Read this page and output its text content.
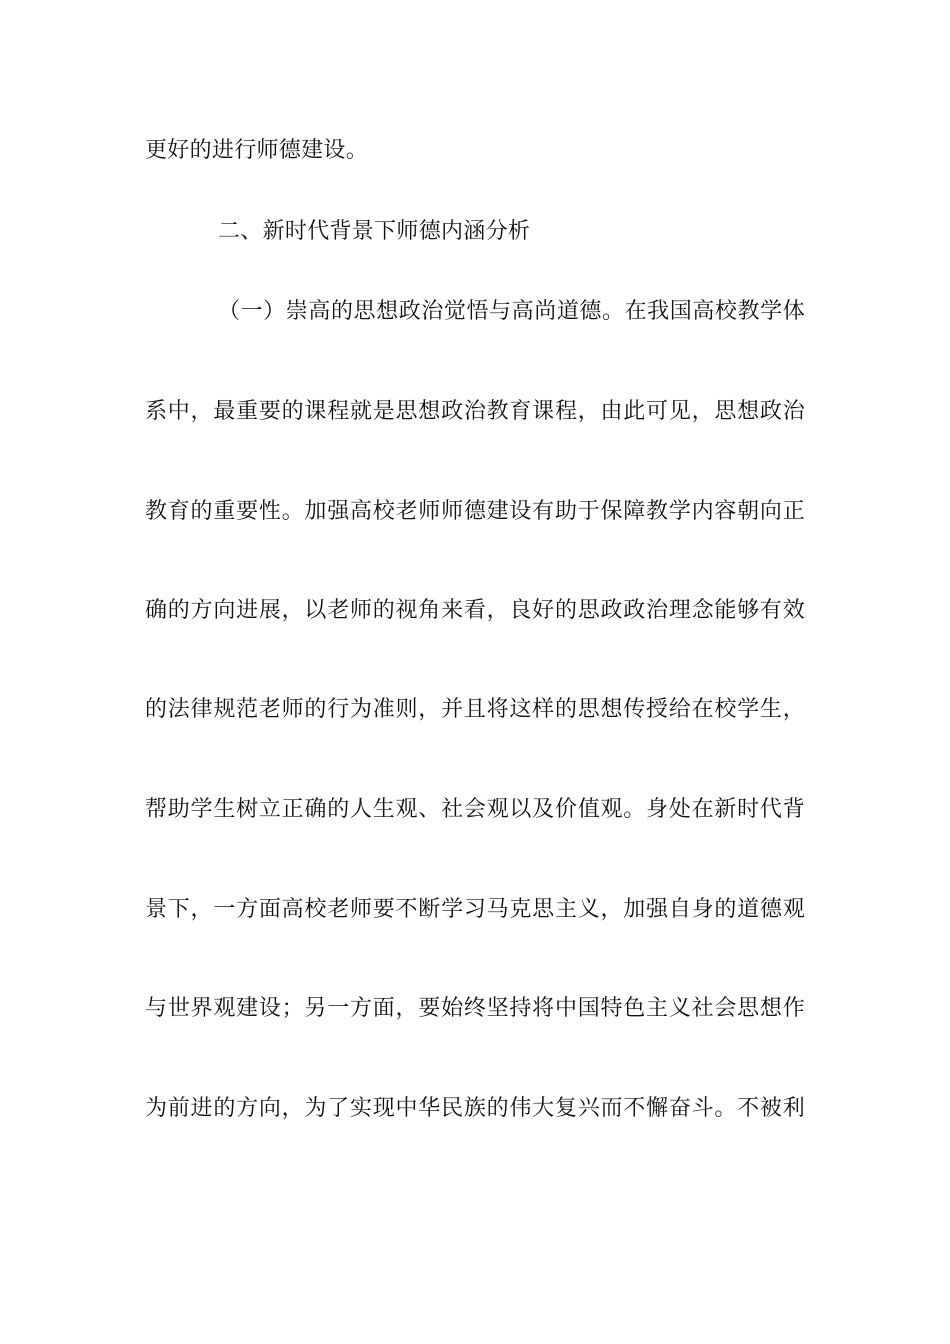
更好的进行师德建设。
二、新时代背景下师德内涵分析
（一）崇高的思想政治觉悟与高尚道德。在我国高校教学体
系中，最重要的课程就是思想政治教育课程，由此可见，思想政治
教育的重要性。加强高校老师师德建设有助于保障教学内容朝向正
确的方向进展，以老师的视角来看，良好的思政政治理念能够有效
的法律规范老师的行为准则，并且将这样的思想传授给在校学生，
帮助学生树立正确的人生观、社会观以及价值观。身处在新时代背
景下，一方面高校老师要不断学习马克思主义，加强自身的道德观
与世界观建设；另一方面，要始终坚持将中国特色主义社会思想作
为前进的方向，为了实现中华民族的伟大复兴而不懈奋斗。不被利
